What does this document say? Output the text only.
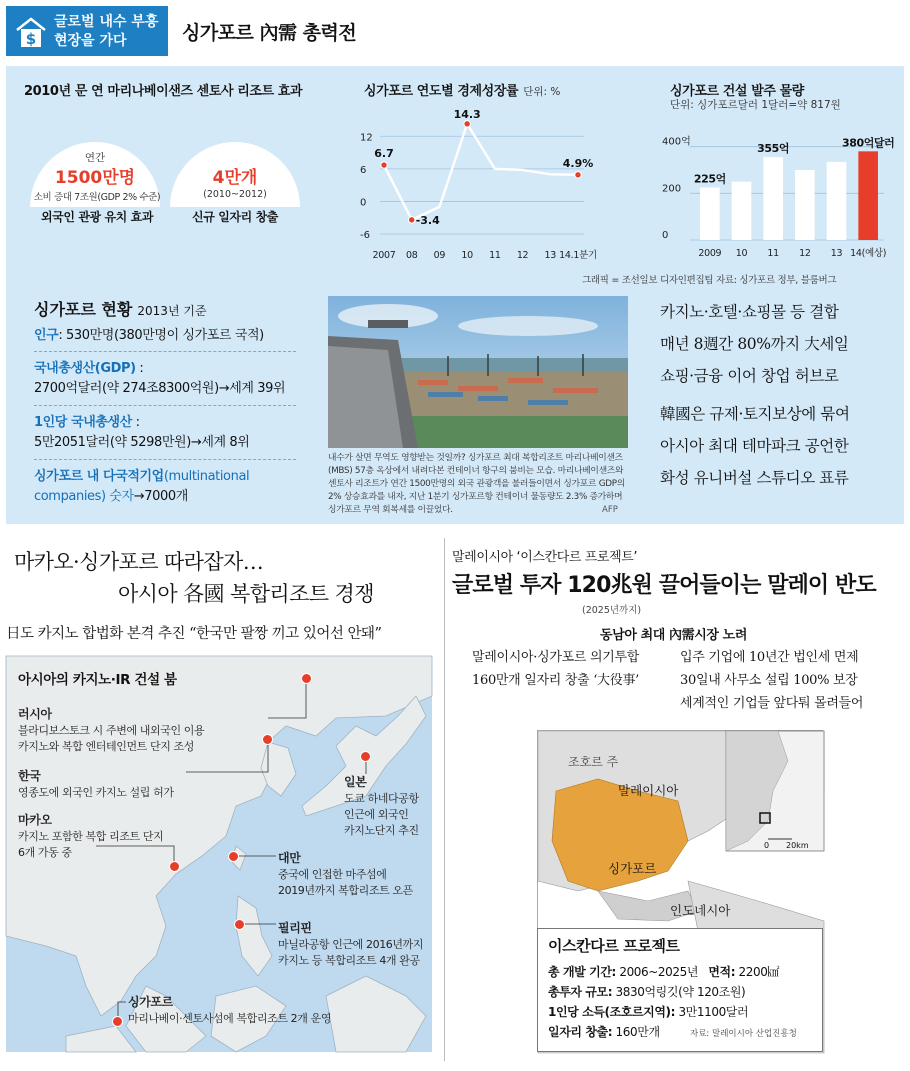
$
글로벌 내수 부흥
현장을 가다	싱가포르 內需 총력전
2010년 문 연 마리나베이샌즈 센토사 리조트 효과
연간
1500만명
소비 증대 7조원(GDP 2% 수준)
외국인 관광 유치 효과
4만개
(2010~2012)
신규 일자리 창출
싱가포르 연도별 경제성장률 단위: %
-6
0
6
12
2007 08 09 10 11 12 13 14.1분기
6.7
-3.4
14.3
4.9%
싱가포르 건설 발주 물량
단위: 싱가포르달러 1달러=약 817원
0
200
400억
2009 10 11 12 13 14(예상)
225억
355억	380억달러
그래픽 = 조선일보 디자인편집팀 자료: 싱가포르 정부, 블룸버그
싱가포르 현황 2013년 기준
인구: 530만명(380만명이 싱가포르 국적)
국내총생산(GDP) :
2700억달러(약 274조8300억원)→세계 39위
1인당 국내총생산 :
5만2051달러(약 5298만원)→세계 8위
싱가포르 내 다국적기업(multinational
companies) 숫자→7000개
내수가 살면 무역도 영향받는 것일까? 싱가포르 최대 복합리조트 마리나베이샌즈(MBS) 57층 옥상에서 내려다본 컨테이너 항구의 붐비는 모습. 마리나베이샌즈와 센토사 리조트가 연간 1500만명의 외국 관광객을 불러들이면서 싱가포르 GDP의 2% 상승효과를 내자, 지난 1분기 싱가포르항 컨테이너 물동량도 2.3% 증가하며 싱가포르 무역 회복세를 이끌었다.	AFP
카지노·호텔·쇼핑몰 등 결합
매년 8週간 80%까지 大세일
쇼핑·금융 이어 창업 허브로
韓國은 규제·토지보상에 묶여
아시아 최대 테마파크 공언한
화성 유니버설 스튜디오 표류
마카오·싱가포르 따라잡자…
아시아 各國 복합리조트 경쟁
日도 카지노 합법화 본격 추진 “한국만 팔짱 끼고 있어선 안돼”
아시아의 카지노·IR 건설 붐
러시아
블라디보스토크 시 주변에 내외국인 이용
카지노와 복합 엔터테인먼트 단지 조성
한국
영종도에 외국인 카지노 설립 허가
마카오
카지노 포함한 복합 리조트 단지
6개 가동 중
일본
도쿄 하네다공항
인근에 외국인
카지노단지 추진
대만
중국에 인접한 마주섬에
2019년까지 복합리조트 오픈
필리핀
마닐라공항 인근에 2016년까지
카지노 등 복합리조트 4개 완공
싱가포르
마리나베이·센토사섬에 복합리조트 2개 운영
말레이시아 ‘이스칸다르 프로젝트’
글로벌 투자 120兆원 끌어들이는 말레이 반도
(2025년까지)
동남아 최대 內需시장 노려
말레이시아·싱가포르 의기투합
160만개 일자리 창출 ‘大役事’
입주 기업에 10년간 법인세 면제
30일내 사무소 설립 100% 보장
세계적인 기업들 앞다퉈 몰려들어
조호르 주
말레이시아
싱가포르
인도네시아
0 20km
이스칸다르 프로젝트
총 개발 기간: 2006~2025년 면적: 2200㎢
총투자 규모: 3830억링깃(약 120조원)
1인당 소득(조호르지역): 3만1100달러
일자리 창출: 160만개	자료: 말레이시아 산업진흥청
